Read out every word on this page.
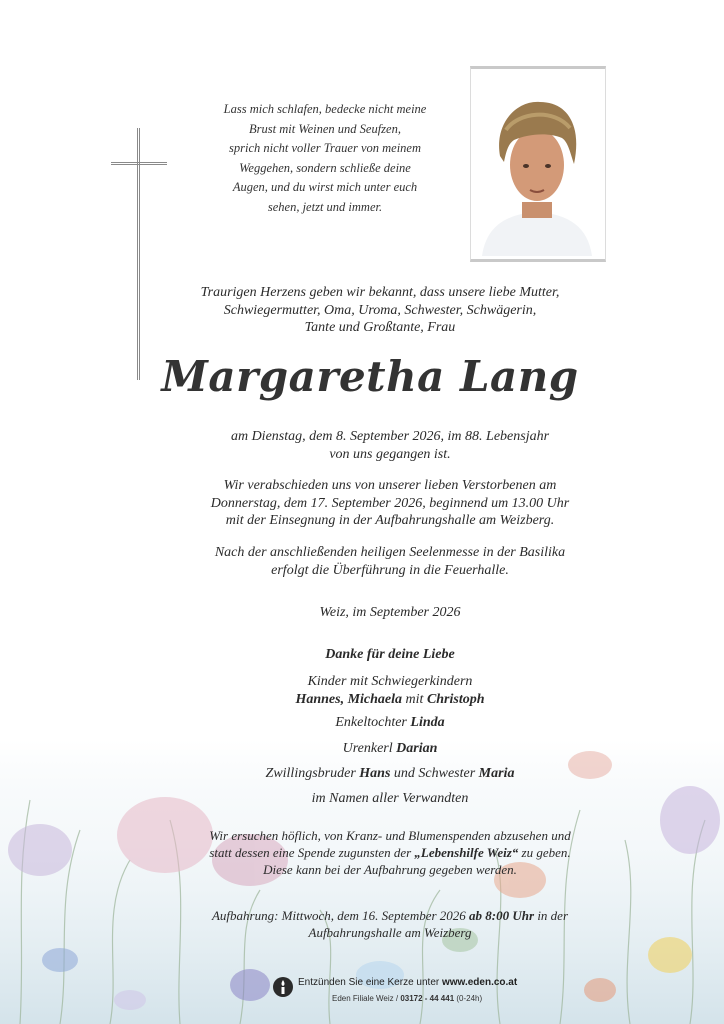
Lass mich schlafen, bedecke nicht meine
Brust mit Weinen und Seufzen,
sprich nicht voller Trauer von meinem
Weggehen, sondern schließe deine
Augen, und du wirst mich unter euch
sehen, jetzt und immer.
Traurigen Herzens geben wir bekannt, dass unsere liebe Mutter,
Schwiegermutter, Oma, Uroma, Schwester, Schwägerin,
Tante und Großtante, Frau
Margaretha Lang
am Dienstag, dem 8. September 2026, im 88. Lebensjahr
von uns gegangen ist.
Wir verabschieden uns von unserer lieben Verstorbenen am
Donnerstag, dem 17. September 2026, beginnend um 13.00 Uhr
mit der Einsegnung in der Aufbahrungshalle am Weizberg.
Nach der anschließenden heiligen Seelenmesse in der Basilika
erfolgt die Überführung in die Feuerhalle.
Weiz, im September 2026
Danke für deine Liebe
Kinder mit Schwiegerkindern
Hannes, Michaela mit Christoph
Enkeltochter Linda
Urenkerl Darian
Zwillingsbruder Hans und Schwester Maria
im Namen aller Verwandten
Wir ersuchen höflich, von Kranz- und Blumenspenden abzusehen und
statt dessen eine Spende zugunsten der „Lebenshilfe Weiz“ zu geben.
Diese kann bei der Aufbahrung gegeben werden.
Aufbahrung: Mittwoch, dem 16. September 2026 ab 8:00 Uhr in der
Aufbahrungshalle am Weizberg
Entzünden Sie eine Kerze unter www.eden.co.at
Eden Filiale Weiz / 03172 - 44 441 (0-24h)
